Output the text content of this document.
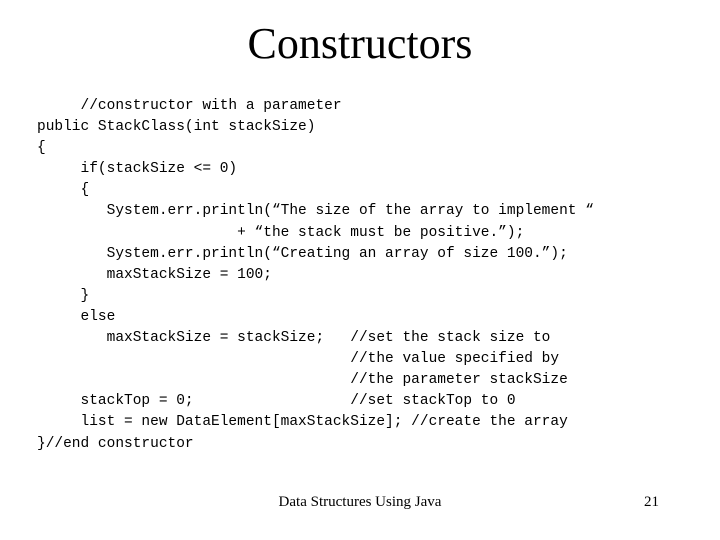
Constructors
//constructor with a parameter
public StackClass(int stackSize)
{
if(stackSize <= 0)
{
System.err.println(“The size of the array to implement “
+ “the stack must be positive.”);
System.err.println(“Creating an array of size 100.”);
maxStackSize = 100;
}
else
maxStackSize = stackSize;   //set the stack size to
//the value specified by
//the parameter stackSize
stackTop = 0;                  //set stackTop to 0
list = new DataElement[maxStackSize]; //create the array
}//end constructor
Data Structures Using Java	21
